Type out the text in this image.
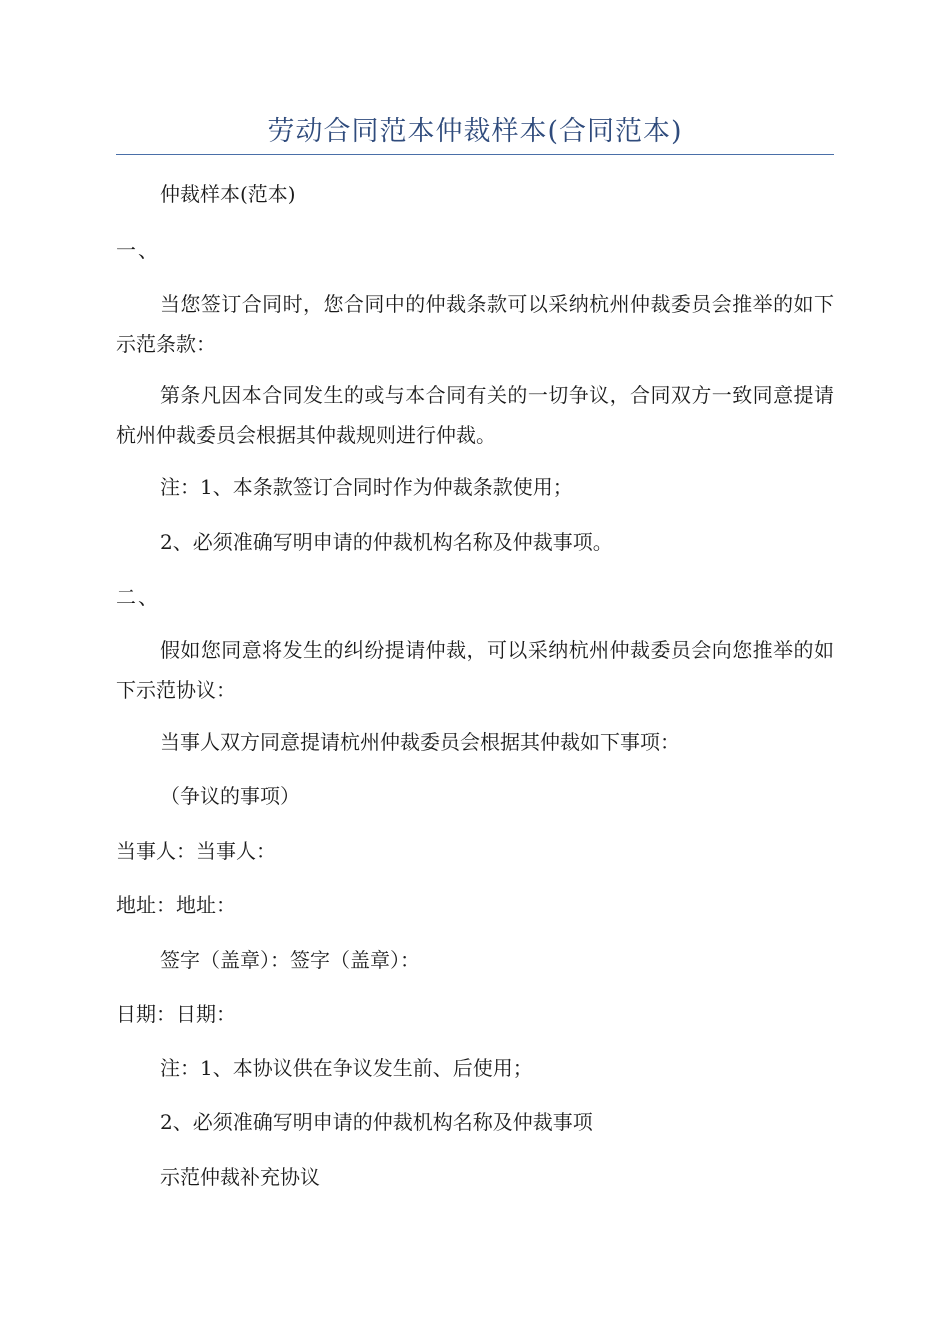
劳动合同范本仲裁样本(合同范本)

仲裁样本(范本)

一、

当您签订合同时，您合同中的仲裁条款可以采纳杭州仲裁委员会推举的如下示范条款：

第条凡因本合同发生的或与本合同有关的一切争议，合同双方一致同意提请杭州仲裁委员会根据其仲裁规则进行仲裁。

注：1、本条款签订合同时作为仲裁条款使用；

2、必须准确写明申请的仲裁机构名称及仲裁事项。

二、

假如您同意将发生的纠纷提请仲裁，可以采纳杭州仲裁委员会向您推举的如下示范协议：

当事人双方同意提请杭州仲裁委员会根据其仲裁如下事项：

（争议的事项）

当事人：当事人：

地址：地址：

签字（盖章）：签字（盖章）：

日期：日期：

注：1、本协议供在争议发生前、后使用；

2、必须准确写明申请的仲裁机构名称及仲裁事项

示范仲裁补充协议
